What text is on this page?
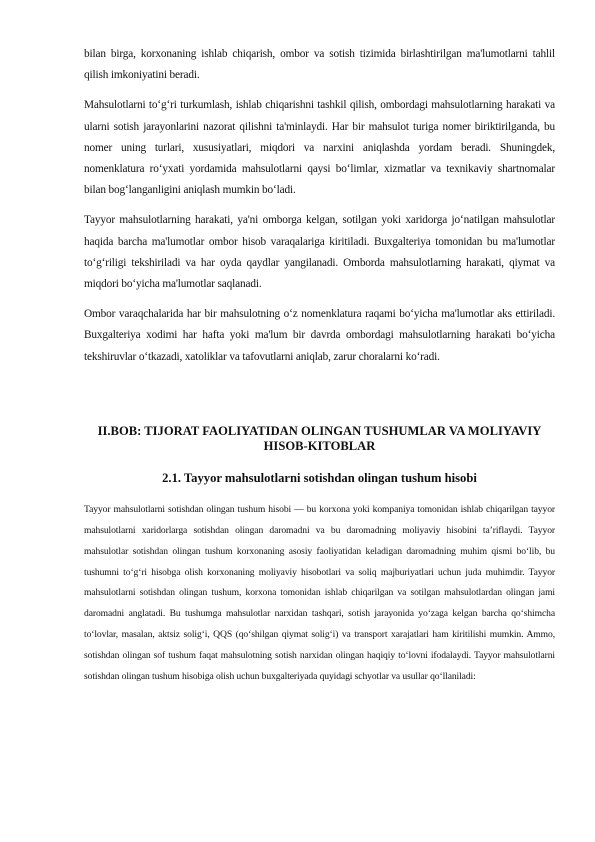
bilan birga, korxonaning ishlab chiqarish, ombor va sotish tizimida birlashtirilgan ma'lumotlarni tahlil qilish imkoniyatini beradi.

Mahsulotlarni to‘g‘ri turkumlash, ishlab chiqarishni tashkil qilish, ombordagi mahsulotlarning harakati va ularni sotish jarayonlarini nazorat qilishni ta'minlaydi. Har bir mahsulot turiga nomer biriktirilganda, bu nomer uning turlari, xususiyatlari, miqdori va narxini aniqlashda yordam beradi. Shuningdek, nomenklatura ro‘yxati yordamida mahsulotlarni qaysi bo‘limlar, xizmatlar va texnikaviy shartnomalar bilan bog‘langanligini aniqlash mumkin bo‘ladi.

Tayyor mahsulotlarning harakati, ya'ni omborga kelgan, sotilgan yoki xaridorga jo‘natilgan mahsulotlar haqida barcha ma'lumotlar ombor hisob varaqalariga kiritiladi. Buxgalteriya tomonidan bu ma'lumotlar to‘g‘riligi tekshiriladi va har oyda qaydlar yangilanadi. Omborda mahsulotlarning harakati, qiymat va miqdori bo‘yicha ma'lumotlar saqlanadi.

Ombor varaqchalarida har bir mahsulotning o‘z nomenklatura raqami bo‘yicha ma'lumotlar aks ettiriladi. Buxgalteriya xodimi har hafta yoki ma'lum bir davrda ombordagi mahsulotlarning harakati bo‘yicha tekshiruvlar o‘tkazadi, xatoliklar va tafovutlarni aniqlab, zarur choralarni ko‘radi.

II.BOB: TIJORAT FAOLIYATIDAN OLINGAN TUSHUMLAR VA MOLIYAVIY HISOB-KITOBLAR
2.1. Tayyor mahsulotlarni sotishdan olingan tushum hisobi

Tayyor mahsulotlarni sotishdan olingan tushum hisobi — bu korxona yoki kompaniya tomonidan ishlab chiqarilgan tayyor mahsulotlarni xaridorlarga sotishdan olingan daromadni va bu daromadning moliyaviy hisobini ta’riflaydi. Tayyor mahsulotlar sotishdan olingan tushum korxonaning asosiy faoliyatidan keladigan daromadning muhim qismi bo‘lib, bu tushumni to‘g‘ri hisobga olish korxonaning moliyaviy hisobotlari va soliq majburiyatlari uchun juda muhimdir. Tayyor mahsulotlarni sotishdan olingan tushum, korxona tomonidan ishlab chiqarilgan va sotilgan mahsulotlardan olingan jami daromadni anglatadi. Bu tushumga mahsulotlar narxidan tashqari, sotish jarayonida yo‘zaga kelgan barcha qo‘shimcha to‘lovlar, masalan, aktsiz solig‘i, QQS (qo‘shilgan qiymat solig‘i) va transport xarajatlari ham kiritilishi mumkin. Ammo, sotishdan olingan sof tushum faqat mahsulotning sotish narxidan olingan haqiqiy to‘lovni ifodalaydi. Tayyor mahsulotlarni sotishdan olingan tushum hisobiga olish uchun buxgalteriyada quyidagi schyotlar va usullar qo‘llaniladi:
